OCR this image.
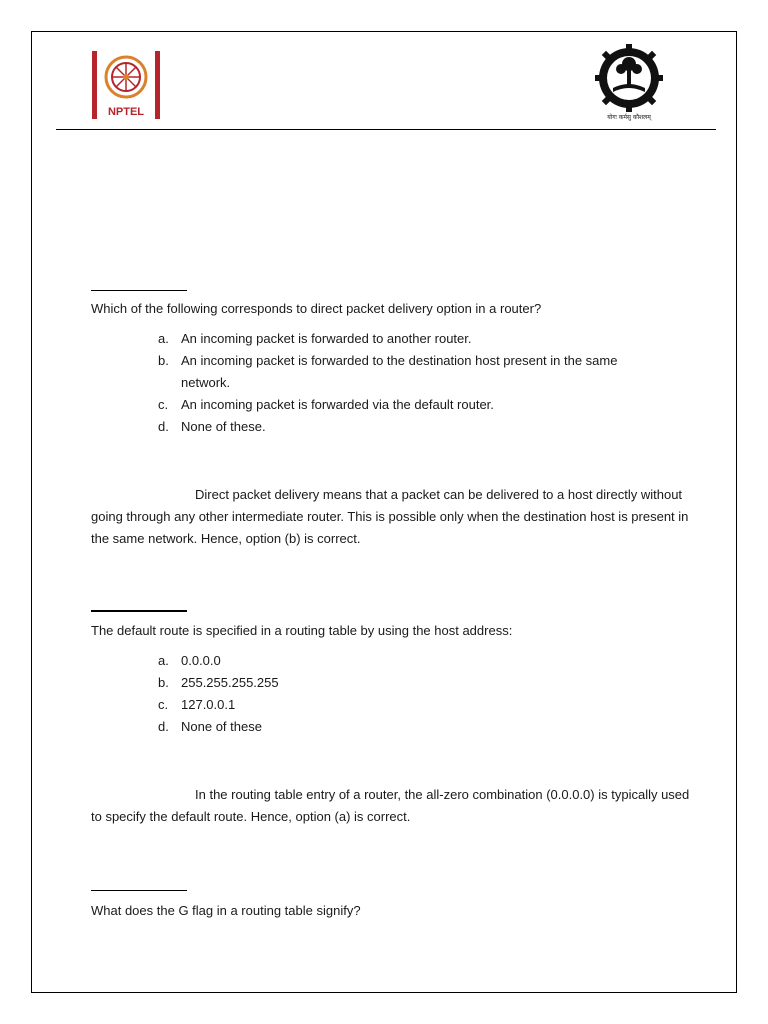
NPTEL	योगः कर्मसु कौशलम्
Which of the following corresponds to direct packet delivery option in a router?
a. An incoming packet is forwarded to another router.
b. An incoming packet is forwarded to the destination host present in the same network.
c. An incoming packet is forwarded via the default router.
d. None of these.
Direct packet delivery means that a packet can be delivered to a host directly without going through any other intermediate router. This is possible only when the destination host is present in the same network. Hence, option (b) is correct.
The default route is specified in a routing table by using the host address:
a. 0.0.0.0
b. 255.255.255.255
c. 127.0.0.1
d. None of these
In the routing table entry of a router, the all-zero combination (0.0.0.0) is typically used to specify the default route. Hence, option (a) is correct.
What does the G flag in a routing table signify?
